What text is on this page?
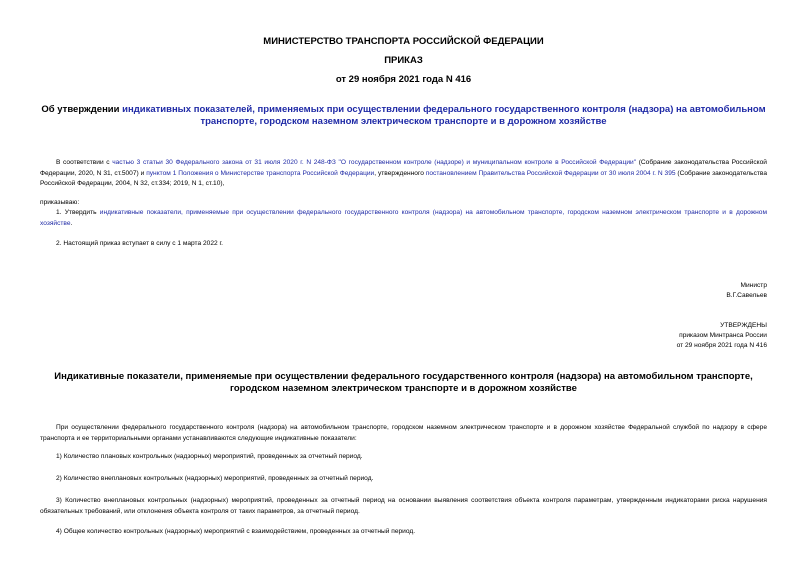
МИНИСТЕРСТВО ТРАНСПОРТА РОССИЙСКОЙ ФЕДЕРАЦИИ
ПРИКАЗ
от 29 ноября 2021 года N 416
Об утверждении индикативных показателей, применяемых при осуществлении федерального государственного контроля (надзора) на автомобильном транспорте, городском наземном электрическом транспорте и в дорожном хозяйстве
В соответствии с частью 3 статьи 30 Федерального закона от 31 июля 2020 г. N 248-ФЗ "О государственном контроле (надзоре) и муниципальном контроле в Российской Федерации" (Собрание законодательства Российской Федерации, 2020, N 31, ст.5007) и пунктом 1 Положения о Министерстве транспорта Российской Федерации, утвержденного постановлением Правительства Российской Федерации от 30 июля 2004 г. N 395 (Собрание законодательства Российской Федерации, 2004, N 32, ст.334; 2019, N 1, ст.10),
приказываю:
1. Утвердить индикативные показатели, применяемые при осуществлении федерального государственного контроля (надзора) на автомобильном транспорте, городском наземном электрическом транспорте и в дорожном хозяйстве.
2. Настоящий приказ вступает в силу с 1 марта 2022 г.
Министр
В.Г.Савельев
УТВЕРЖДЕНЫ
приказом Минтранса России
от 29 ноября 2021 года N 416
Индикативные показатели, применяемые при осуществлении федерального государственного контроля (надзора) на автомобильном транспорте, городском наземном электрическом транспорте и в дорожном хозяйстве
При осуществлении федерального государственного контроля (надзора) на автомобильном транспорте, городском наземном электрическом транспорте и в дорожном хозяйстве Федеральной службой по надзору в сфере транспорта и ее территориальными органами устанавливаются следующие индикативные показатели:
1) Количество плановых контрольных (надзорных) мероприятий, проведенных за отчетный период.
2) Количество внеплановых контрольных (надзорных) мероприятий, проведенных за отчетный период.
3) Количество внеплановых контрольных (надзорных) мероприятий, проведенных за отчетный период на основании выявления соответствия объекта контроля параметрам, утвержденным индикаторами риска нарушения обязательных требований, или отклонения объекта контроля от таких параметров, за отчетный период.
4) Общее количество контрольных (надзорных) мероприятий с взаимодействием, проведенных за отчетный период.
